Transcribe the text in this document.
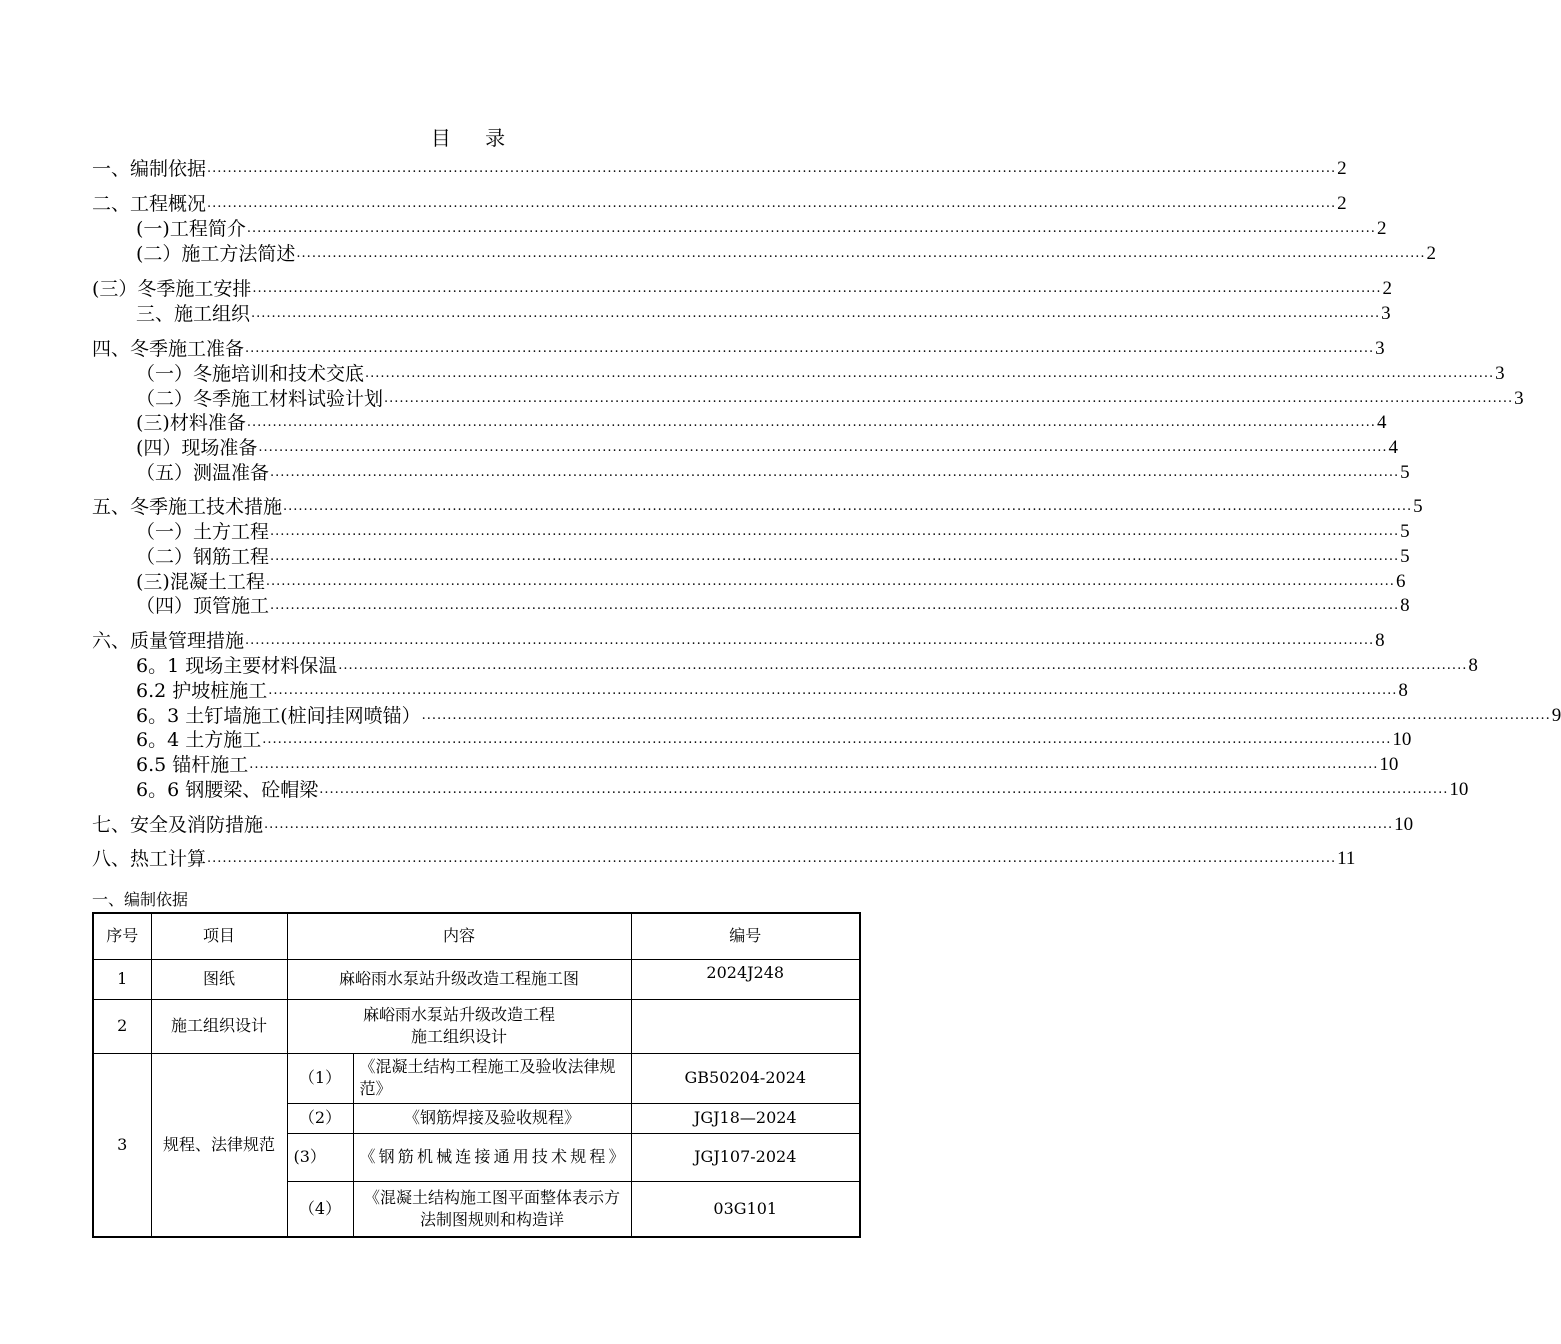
目 录
一、编制依据 ............................................................................................................................................................................................................................ 2
二、工程概况 ............................................................................................................................................................................................................................ 2
(一)工程简介 ............................................................................................................................................................................................................................ 2
(二）施工方法简述 ............................................................................................................................................................................................................................ 2
(三）冬季施工安排 ............................................................................................................................................................................................................................ 2
三、施工组织 ............................................................................................................................................................................................................................ 3
四、冬季施工准备 ............................................................................................................................................................................................................................ 3
（一）冬施培训和技术交底 ............................................................................................................................................................................................................................ 3
（二）冬季施工材料试验计划 ............................................................................................................................................................................................................................ 3
(三)材料准备 ............................................................................................................................................................................................................................ 4
(四）现场准备 ............................................................................................................................................................................................................................ 4
（五）测温准备 ............................................................................................................................................................................................................................ 5
五、冬季施工技术措施 ............................................................................................................................................................................................................................ 5
（一）土方工程 ............................................................................................................................................................................................................................ 5
（二）钢筋工程 ............................................................................................................................................................................................................................ 5
(三)混凝土工程 ............................................................................................................................................................................................................................ 6
（四）顶管施工 ............................................................................................................................................................................................................................ 8
六、质量管理措施 ............................................................................................................................................................................................................................ 8
6。1 现场主要材料保温 ............................................................................................................................................................................................................................ 8
6.2 护坡桩施工 ............................................................................................................................................................................................................................ 8
6。3 土钉墙施工(桩间挂网喷锚） ............................................................................................................................................................................................................................ 9
6。4 土方施工 ............................................................................................................................................................................................................................ 10
6.5 锚杆施工 ............................................................................................................................................................................................................................ 10
6。6 钢腰梁、砼帽梁 ............................................................................................................................................................................................................................ 10
七、安全及消防措施 ............................................................................................................................................................................................................................ 10
八、热工计算 ............................................................................................................................................................................................................................ 11
一、编制依据
序号	项目	内容		编号
1	图纸	麻峪雨水泵站升级改造工程施工图		2024J248
2	施工组织设计	麻峪雨水泵站升级改造工程
施工组织设计		

3	规程、法律规范	（1）	《混凝土结构工程施工及验收法律规范》	GB50204-2024
		（2）	《钢筋焊接及验收规程》	JGJ18—2024
		(3）	《钢筋机械连接通用技术规程》	JGJ107-2024
		（4）	《混凝土结构施工图平面整体表示方法制图规则和构造详	03G101
